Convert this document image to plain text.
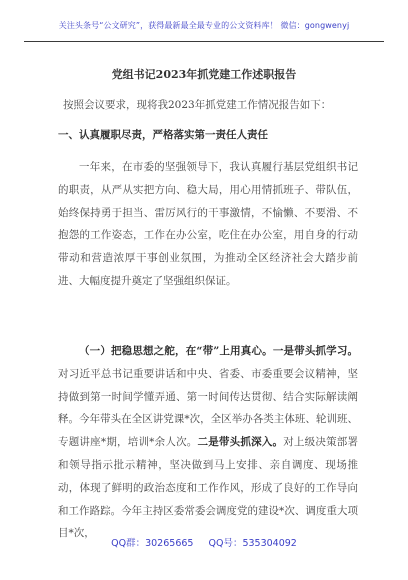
关注头条号“公文研究”，获得最新最全最专业的公文资料库！ 微信：gongwenyj
党组书记2023年抓党建工作述职报告
按照会议要求，现将我2023年抓党建工作情况报告如下：
一、认真履职尽责，严格落实第一责任人责任
一年来，在市委的坚强领导下，我认真履行基层党组织书记的职责，从严从实把方向、稳大局，用心用情抓班子、带队伍，始终保持勇于担当、雷厉风行的干事激情，不愉懒、不要滑、不抱怨的工作姿态，工作在办公室，吃住在办公室，用自身的行动带动和营造浓厚干事创业氛围，为推动全区经济社会大踏步前进、大幅度提升奠定了坚强组织保证。
（一）把稳思想之舵，在“带”上用真心。一是带头抓学习。对习近平总书记重要讲话和中央、省委、市委重要会议精神，坚持做到第一时间学懂弄通、第一时间传达贯彻、结合实际解读阐释。今年带头在全区讲党课*次，全区举办各类主体班、轮训班、专题讲座*期，培训*余人次。二是带头抓深入。对上级决策部署和领导指示批示精神，坚决做到马上安排、亲自调度、现场推动，体现了鲜明的政治态度和工作作风，形成了良好的工作导向和工作路踪。今年主持区委常委会调度党的建设*次、调度重大项目*次，
QQ群：30265665 QQ号：535304092
